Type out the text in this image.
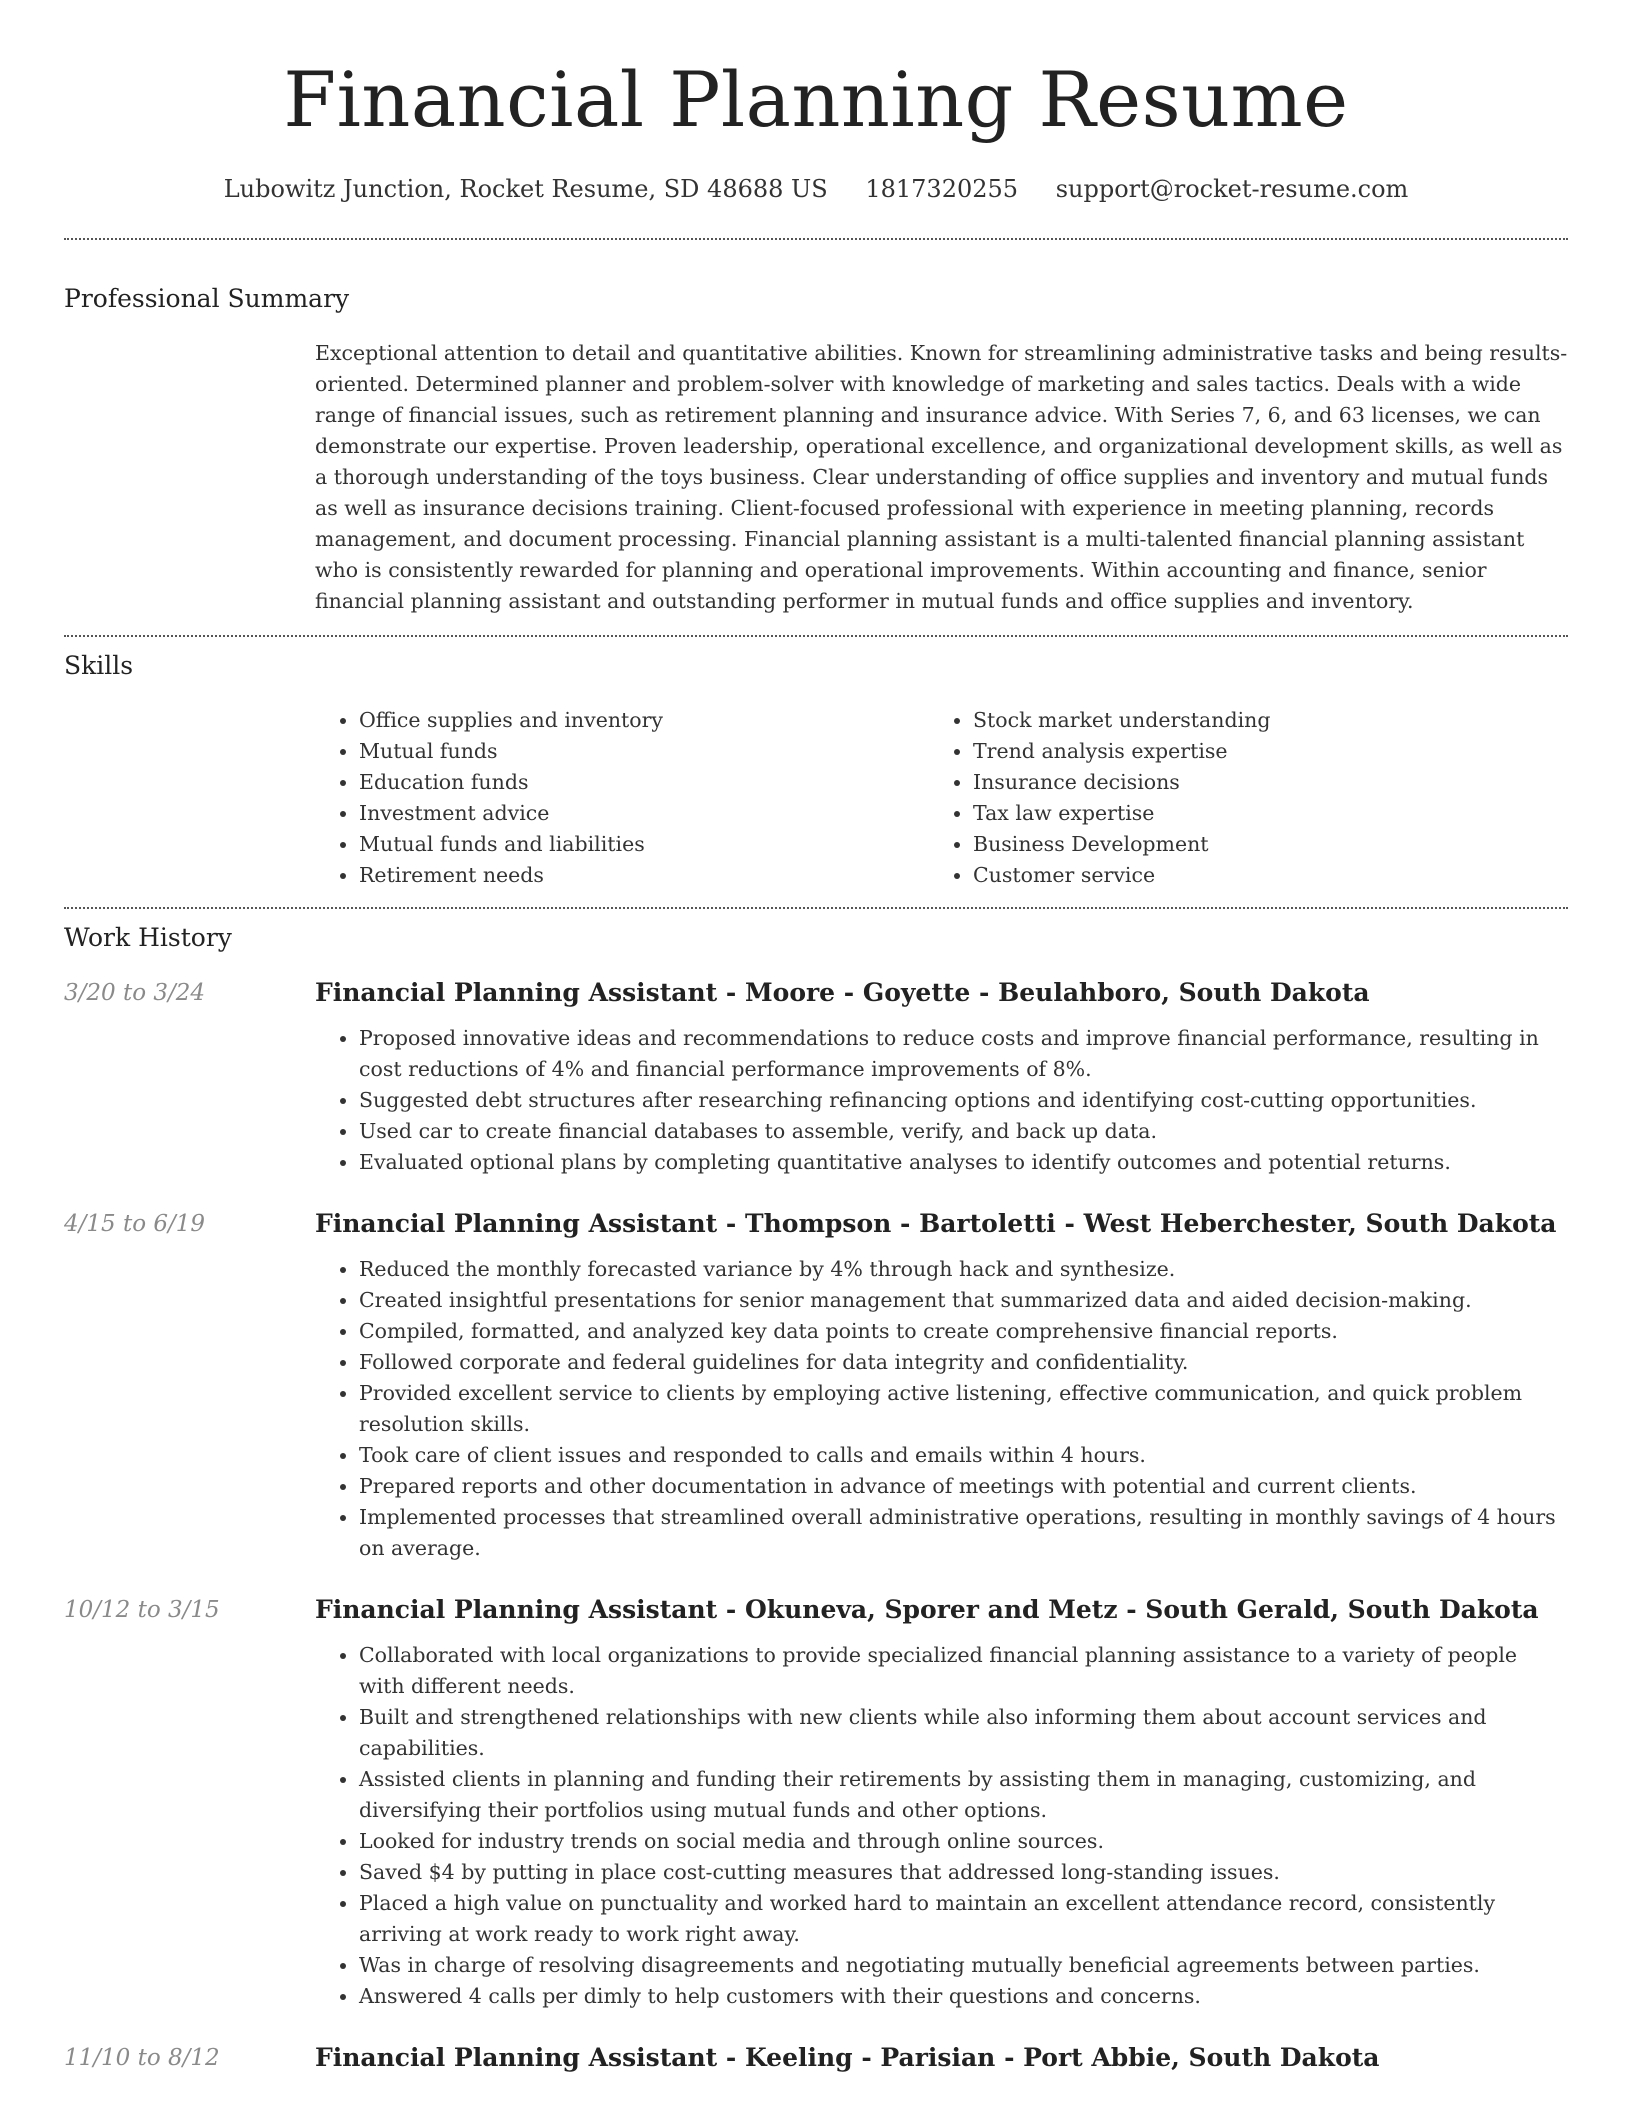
Financial Planning Resume
Lubowitz Junction, Rocket Resume, SD 48688 US 1817320255 support@rocket-resume.com
Professional Summary

Exceptional attention to detail and quantitative abilities. Known for streamlining administrative tasks and being results-oriented. Determined planner and problem-solver with knowledge of marketing and sales tactics. Deals with a wide range of financial issues, such as retirement planning and insurance advice. With Series 7, 6, and 63 licenses, we can demonstrate our expertise. Proven leadership, operational excellence, and organizational development skills, as well as a thorough understanding of the toys business. Clear understanding of office supplies and inventory and mutual funds as well as insurance decisions training. Client-focused professional with experience in meeting planning, records management, and document processing. Financial planning assistant is a multi-talented financial planning assistant who is consistently rewarded for planning and operational improvements. Within accounting and finance, senior financial planning assistant and outstanding performer in mutual funds and office supplies and inventory.

Skills
• Office supplies and inventory
• Mutual funds
• Education funds
• Investment advice
• Mutual funds and liabilities
• Retirement needs
• Stock market understanding
• Trend analysis expertise
• Insurance decisions
• Tax law expertise
• Business Development
• Customer service
Work History
3/20 to 3/24	Financial Planning Assistant - Moore - Goyette - Beulahboro, South Dakota
• Proposed innovative ideas and recommendations to reduce costs and improve financial performance, resulting in cost reductions of 4% and financial performance improvements of 8%.
• Suggested debt structures after researching refinancing options and identifying cost-cutting opportunities.
• Used car to create financial databases to assemble, verify, and back up data.
• Evaluated optional plans by completing quantitative analyses to identify outcomes and potential returns.
4/15 to 6/19	Financial Planning Assistant - Thompson - Bartoletti - West Heberchester, South Dakota
• Reduced the monthly forecasted variance by 4% through hack and synthesize.
• Created insightful presentations for senior management that summarized data and aided decision-making.
• Compiled, formatted, and analyzed key data points to create comprehensive financial reports.
• Followed corporate and federal guidelines for data integrity and confidentiality.
• Provided excellent service to clients by employing active listening, effective communication, and quick problem resolution skills.
• Took care of client issues and responded to calls and emails within 4 hours.
• Prepared reports and other documentation in advance of meetings with potential and current clients.
• Implemented processes that streamlined overall administrative operations, resulting in monthly savings of 4 hours on average.
10/12 to 3/15	Financial Planning Assistant - Okuneva, Sporer and Metz - South Gerald, South Dakota
• Collaborated with local organizations to provide specialized financial planning assistance to a variety of people with different needs.
• Built and strengthened relationships with new clients while also informing them about account services and capabilities.
• Assisted clients in planning and funding their retirements by assisting them in managing, customizing, and diversifying their portfolios using mutual funds and other options.
• Looked for industry trends on social media and through online sources.
• Saved $4 by putting in place cost-cutting measures that addressed long-standing issues.
• Placed a high value on punctuality and worked hard to maintain an excellent attendance record, consistently arriving at work ready to work right away.
• Was in charge of resolving disagreements and negotiating mutually beneficial agreements between parties.
• Answered 4 calls per dimly to help customers with their questions and concerns.
11/10 to 8/12	Financial Planning Assistant - Keeling - Parisian - Port Abbie, South Dakota
